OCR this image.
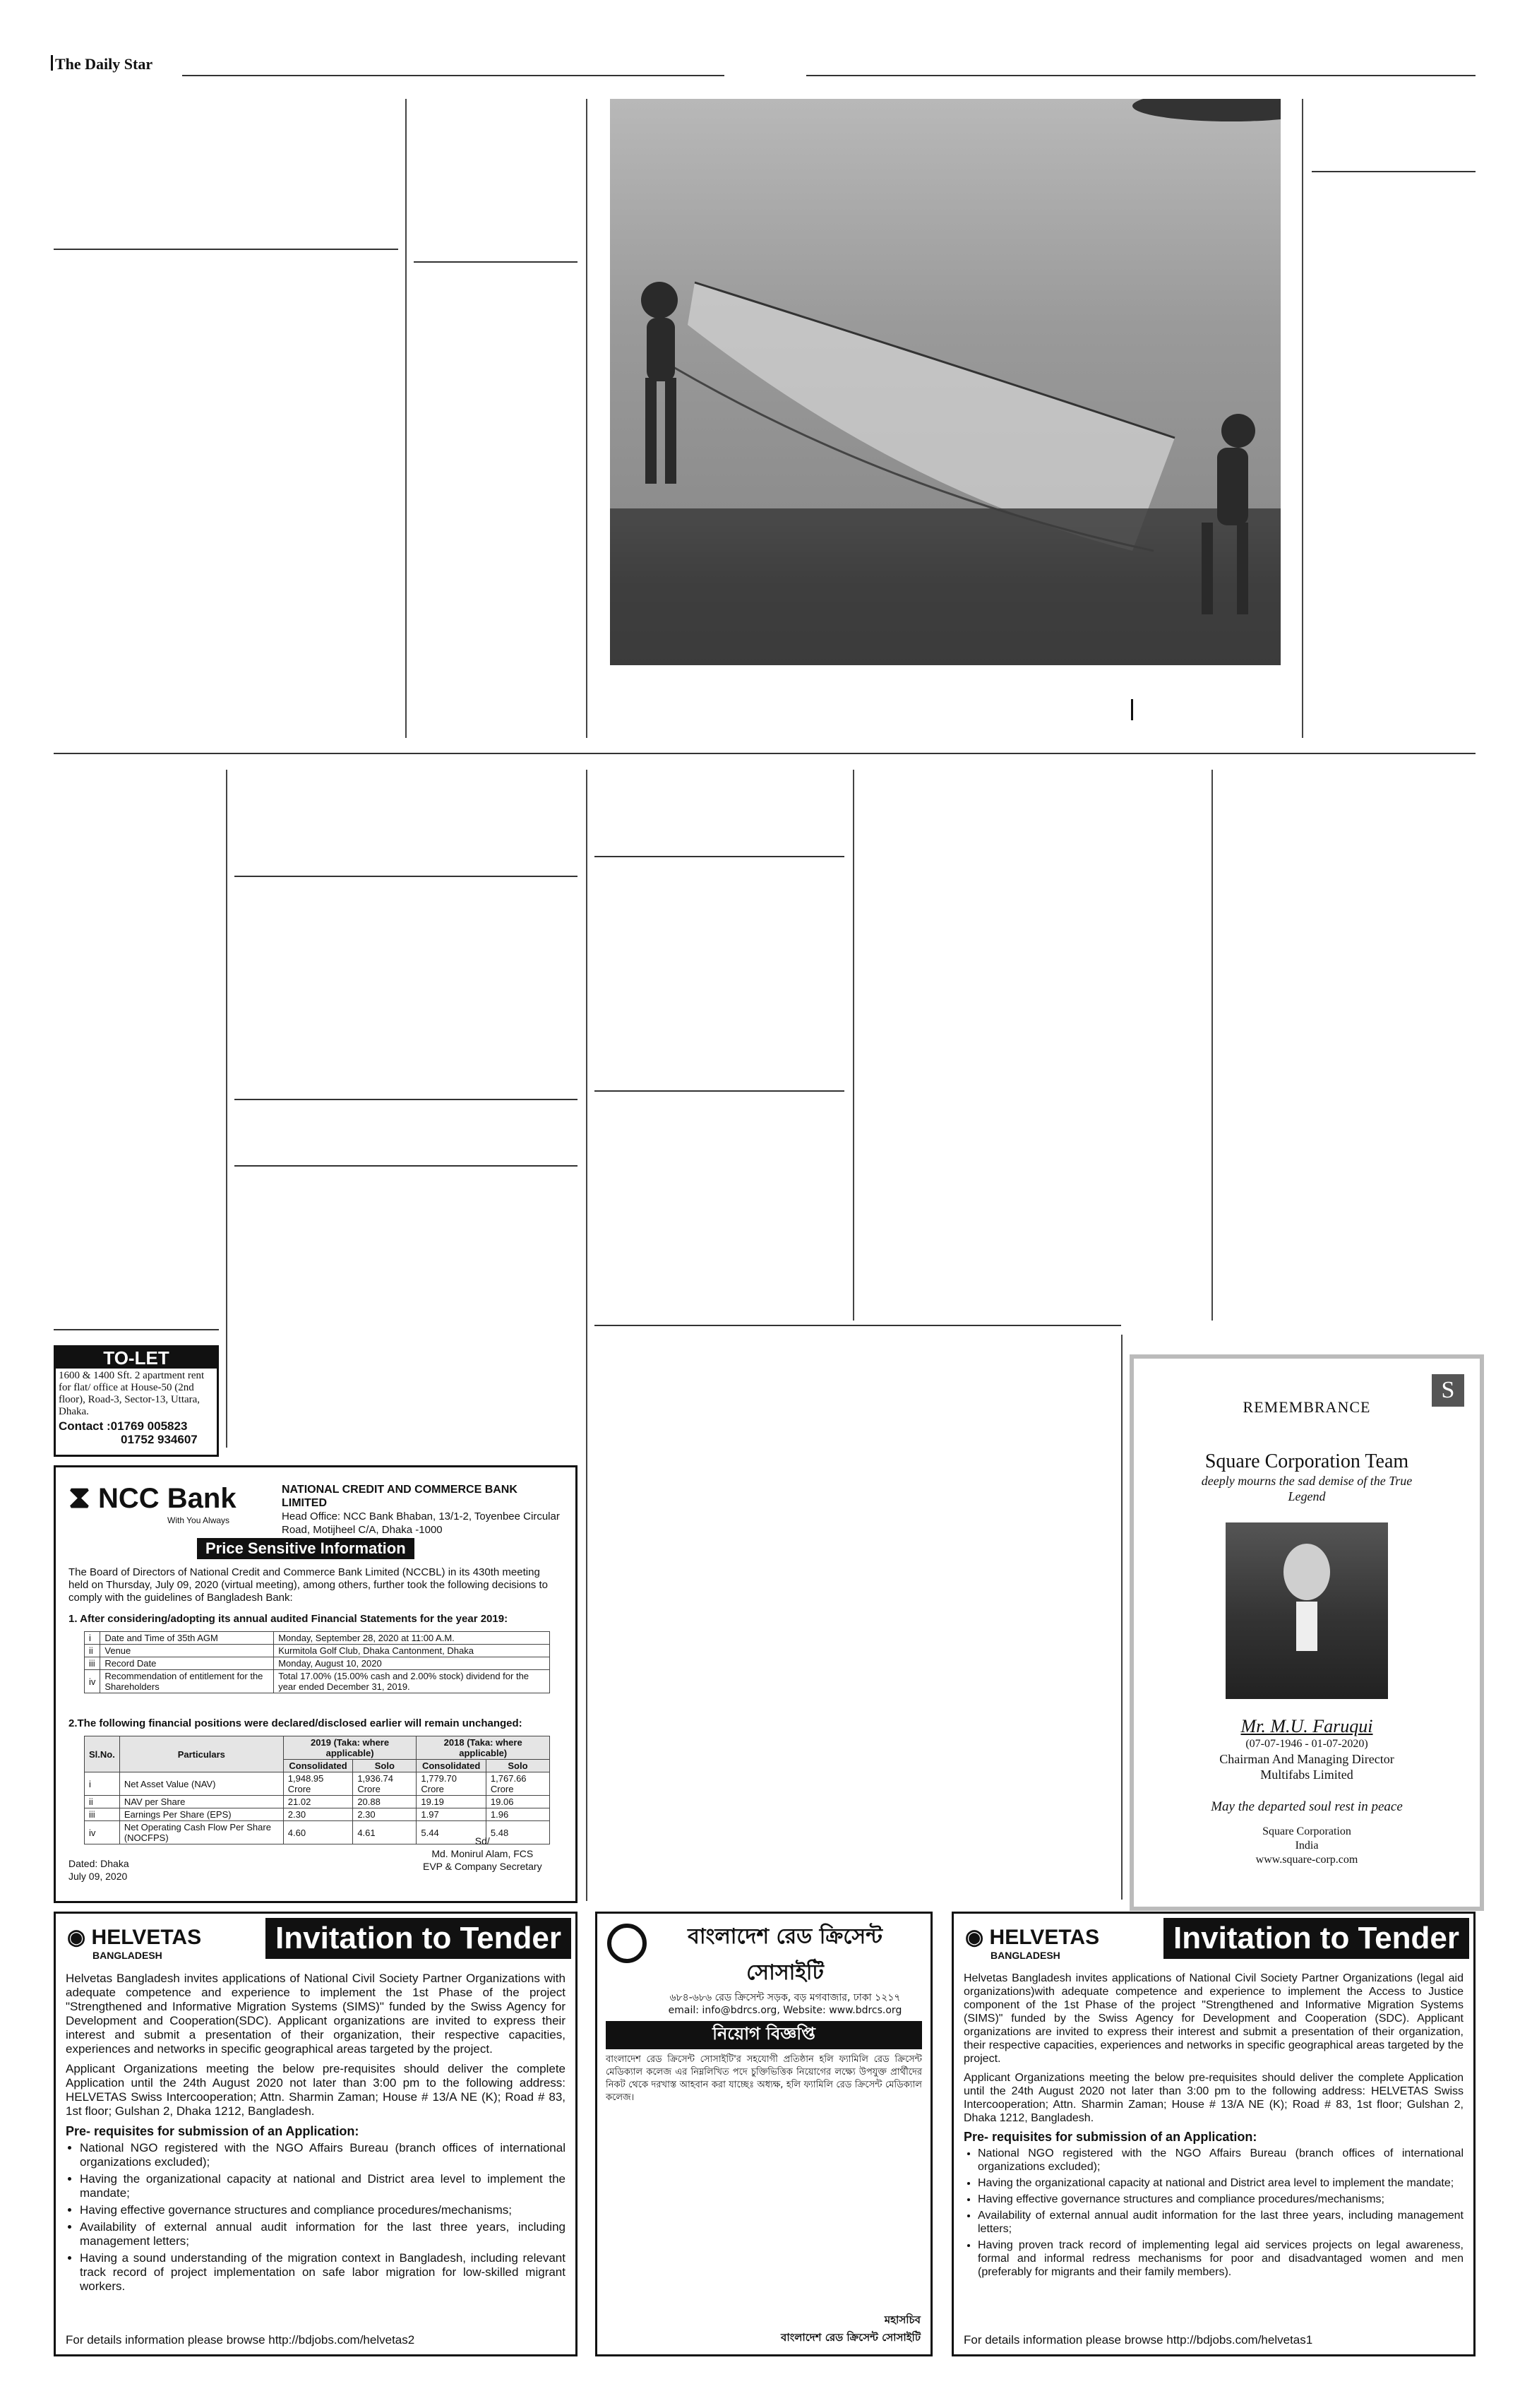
The Daily Star
TO-LET
1600 & 1400 Sft. 2 apartment rent for flat/ office at House-50 (2nd floor), Road-3, Sector-13, Uttara, Dhaka.
Contact :01769 005823
01752 934607
⧗ NCC Bank
With You Always
NATIONAL CREDIT AND COMMERCE BANK LIMITED
Head Office: NCC Bank Bhaban, 13/1-2, Toyenbee Circular Road, Motijheel C/A, Dhaka -1000
Price Sensitive Information
The Board of Directors of National Credit and Commerce Bank Limited (NCCBL) in its 430th meeting held on Thursday, July 09, 2020 (virtual meeting), among others, further took the following decisions to comply with the guidelines of Bangladesh Bank:
1. After considering/adopting its annual audited Financial Statements for the year 2019:
i	Date and Time of 35th AGM	Monday, September 28, 2020 at 11:00 A.M.
ii	Venue	Kurmitola Golf Club, Dhaka Cantonment, Dhaka
iii	Record Date	Monday, August 10, 2020
iv	Recommendation of entitlement for the Shareholders	Total 17.00% (15.00% cash and 2.00% stock) dividend for the year ended December 31, 2019.
2.The following financial positions were declared/disclosed earlier will remain unchanged:
Sl.No.	Particulars	2019 (Taka: where applicable)		2018 (Taka: where applicable)	
		Consolidated	Solo	Consolidated	Solo
i	Net Asset Value (NAV)	1,948.95 Crore	1,936.74 Crore	1,779.70 Crore	1,767.66 Crore
ii	NAV per Share	21.02	20.88	19.19	19.06
iii	Earnings Per Share (EPS)	2.30	2.30	1.97	1.96
iv	Net Operating Cash Flow Per Share (NOCFPS)	4.60	4.61	5.44	5.48
Dated: Dhaka
July 09, 2020
Sd/
Md. Monirul Alam, FCS
EVP & Company Secretary
S
REMEMBRANCE
Square Corporation Team
deeply mourns the sad demise of the True Legend
Mr. M.U. Faruqui
(07-07-1946 - 01-07-2020)
Chairman And Managing Director
Multifabs Limited
May the departed soul rest in peace
Square Corporation
India
www.square-corp.com
◉ HELVETAS
BANGLADESH	Invitation to Tender

Helvetas Bangladesh invites applications of National Civil Society Partner Organizations with adequate competence and experience to implement the 1st Phase of the project "Strengthened and Informative Migration Systems (SIMS)" funded by the Swiss Agency for Development and Cooperation(SDC). Applicant organizations are invited to express their interest and submit a presentation of their organization, their respective capacities, experiences and networks in specific geographical areas targeted by the project.

Applicant Organizations meeting the below pre-requisites should deliver the complete Application until the 24th August 2020 not later than 3:00 pm to the following address: HELVETAS Swiss Intercooperation; Attn. Sharmin Zaman; House # 13/A NE (K); Road # 83, 1st floor; Gulshan 2, Dhaka 1212, Bangladesh.

Pre- requisites for submission of an Application:
• National NGO registered with the NGO Affairs Bureau (branch offices of international organizations excluded);
• Having the organizational capacity at national and District area level to implement the mandate;
• Having effective governance structures and compliance procedures/mechanisms;
• Availability of external annual audit information for the last three years, including management letters;
• Having a sound understanding of the migration context in Bangladesh, including relevant track record of project implementation on safe labor migration for low-skilled migrant workers.
For details information please browse http://bdjobs.com/helvetas2
বাংলাদেশ রেড ক্রিসেন্ট সোসাইটি
৬৮৪-৬৮৬ রেড ক্রিসেন্ট সড়ক, বড় মগবাজার, ঢাকা ১২১৭
email: info@bdrcs.org, Website: www.bdrcs.org
নিয়োগ বিজ্ঞপ্তি
বাংলাদেশ রেড ক্রিসেন্ট সোসাইটি'র সহযোগী প্রতিষ্ঠান হলি ফ্যামিলি রেড ক্রিসেন্ট মেডিক্যাল কলেজ এর নিম্নলিখিত পদে চুক্তিভিত্তিক নিয়োগের লক্ষ্যে উপযুক্ত প্রার্থীদের নিকট থেকে দরখাস্ত আহবান করা যাচ্ছেঃ অধ্যক্ষ, হলি ফ্যামিলি রেড ক্রিসেন্ট মেডিক্যাল কলেজ।
মহাসচিব
বাংলাদেশ রেড ক্রিসেন্ট সোসাইটি
◉ HELVETAS
BANGLADESH	Invitation to Tender

Helvetas Bangladesh invites applications of National Civil Society Partner Organizations (legal aid organizations)with adequate competence and experience to implement the Access to Justice component of the 1st Phase of the project "Strengthened and Informative Migration Systems (SIMS)" funded by the Swiss Agency for Development and Cooperation (SDC). Applicant organizations are invited to express their interest and submit a presentation of their organization, their respective capacities, experiences and networks in specific geographical areas targeted by the project.

Applicant Organizations meeting the below pre-requisites should deliver the complete Application until the 24th August 2020 not later than 3:00 pm to the following address: HELVETAS Swiss Intercooperation; Attn. Sharmin Zaman; House # 13/A NE (K); Road # 83, 1st floor; Gulshan 2, Dhaka 1212, Bangladesh.

Pre- requisites for submission of an Application:
• National NGO registered with the NGO Affairs Bureau (branch offices of international organizations excluded);
• Having the organizational capacity at national and District area level to implement the mandate;
• Having effective governance structures and compliance procedures/mechanisms;
• Availability of external annual audit information for the last three years, including management letters;
• Having proven track record of implementing legal aid services projects on legal awareness, formal and informal redress mechanisms for poor and disadvantaged women and men (preferably for migrants and their family members).
For details information please browse http://bdjobs.com/helvetas1
